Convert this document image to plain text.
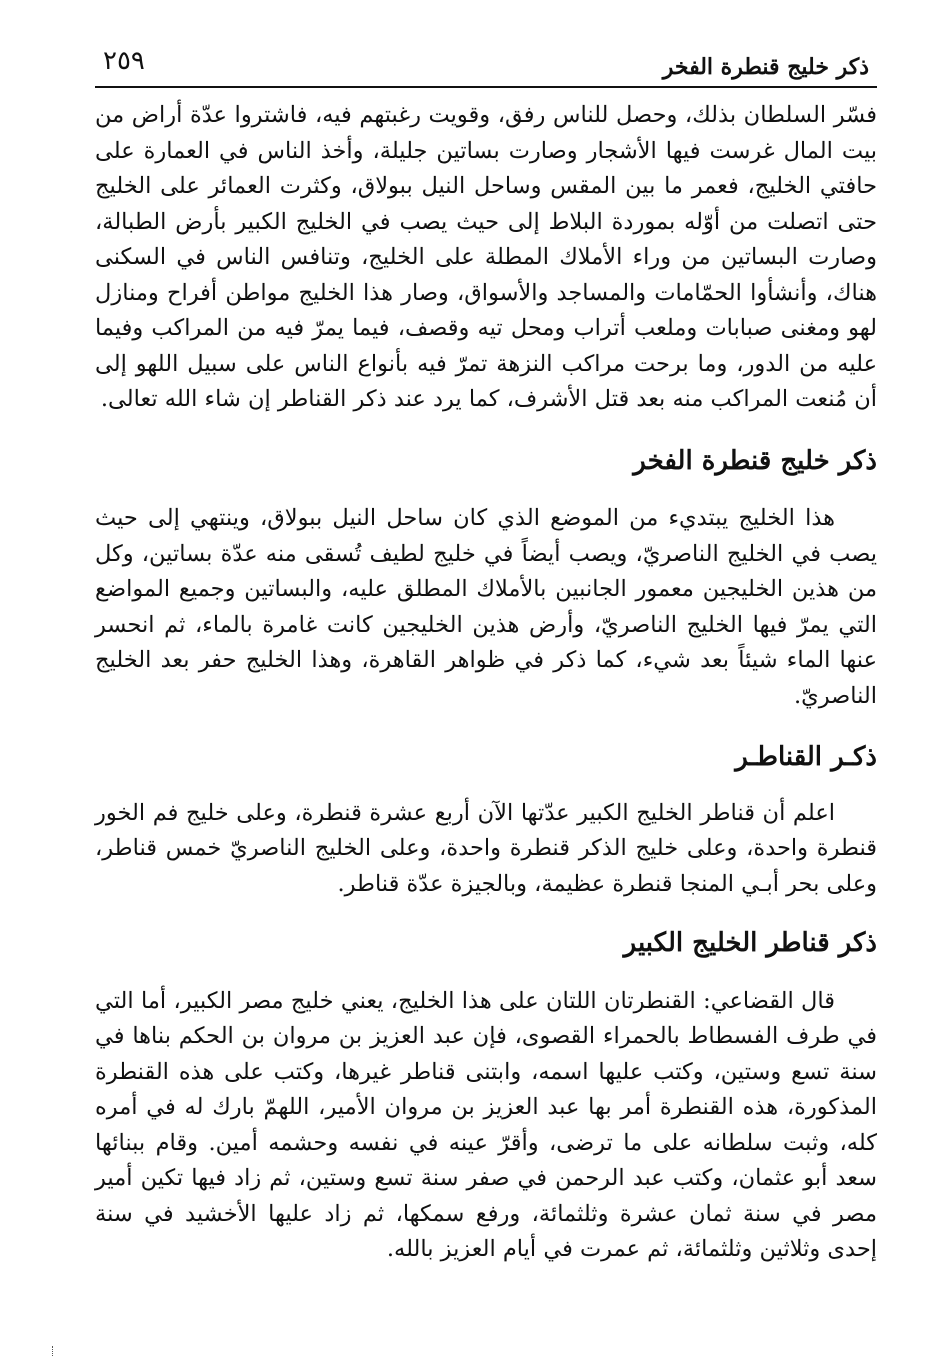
ذكر خليج قنطرة الفخر
٢٥٩

فسّر السلطان بذلك، وحصل للناس رفق، وقويت رغبتهم فيه، فاشتروا عدّة أراض من بيت المال غرست فيها الأشجار وصارت بساتين جليلة، وأخذ الناس في العمارة على حافتي الخليج، فعمر ما بين المقس وساحل النيل ببولاق، وكثرت العمائر على الخليج حتى اتصلت من أوّله بموردة البلاط إلى حيث يصب في الخليج الكبير بأرض الطبالة، وصارت البساتين من وراء الأملاك المطلة على الخليج، وتنافس الناس في السكنى هناك، وأنشأوا الحمّامات والمساجد والأسواق، وصار هذا الخليج مواطن أفراح ومنازل لهو ومغنى صبابات وملعب أتراب ومحل تيه وقصف، فيما يمرّ فيه من المراكب وفيما عليه من الدور، وما برحت مراكب النزهة تمرّ فيه بأنواع الناس على سبيل اللهو إلى أن مُنعت المراكب منه بعد قتل الأشرف، كما يرد عند ذكر القناطر إن شاء الله تعالى.

ذكر خليج قنطرة الفخر

هذا الخليج يبتديء من الموضع الذي كان ساحل النيل ببولاق، وينتهي إلى حيث يصب في الخليج الناصريّ، ويصب أيضاً في خليج لطيف تُسقى منه عدّة بساتين، وكل من هذين الخليجين معمور الجانبين بالأملاك المطلق عليه، والبساتين وجميع المواضع التي يمرّ فيها الخليج الناصريّ، وأرض هذين الخليجين كانت غامرة بالماء، ثم انحسر عنها الماء شيئاً بعد شيء، كما ذكر في ظواهر القاهرة، وهذا الخليج حفر بعد الخليج الناصريّ.

ذكـر القناطـر

اعلم أن قناطر الخليج الكبير عدّتها الآن أربع عشرة قنطرة، وعلى خليج فم الخور قنطرة واحدة، وعلى خليج الذكر قنطرة واحدة، وعلى الخليج الناصريّ خمس قناطر، وعلى بحر أبـي المنجا قنطرة عظيمة، وبالجيزة عدّة قناطر.

ذكر قناطر الخليج الكبير

قال القضاعي: القنطرتان اللتان على هذا الخليج، يعني خليج مصر الكبير، أما التي في طرف الفسطاط بالحمراء القصوى، فإن عبد العزيز بن مروان بن الحكم بناها في سنة تسع وستين، وكتب عليها اسمه، وابتنى قناطر غيرها، وكتب على هذه القنطرة المذكورة، هذه القنطرة أمر بها عبد العزيز بن مروان الأمير، اللهمّ بارك له في أمره كله، وثبت سلطانه على ما ترضى، وأقرّ عينه في نفسه وحشمه أمين. وقام ببنائها سعد أبو عثمان، وكتب عبد الرحمن في صفر سنة تسع وستين، ثم زاد فيها تكين أمير مصر في سنة ثمان عشرة وثلثمائة، ورفع سمكها، ثم زاد عليها الأخشيد في سنة إحدى وثلاثين وثلثمائة، ثم عمرت في أيام العزيز بالله.
